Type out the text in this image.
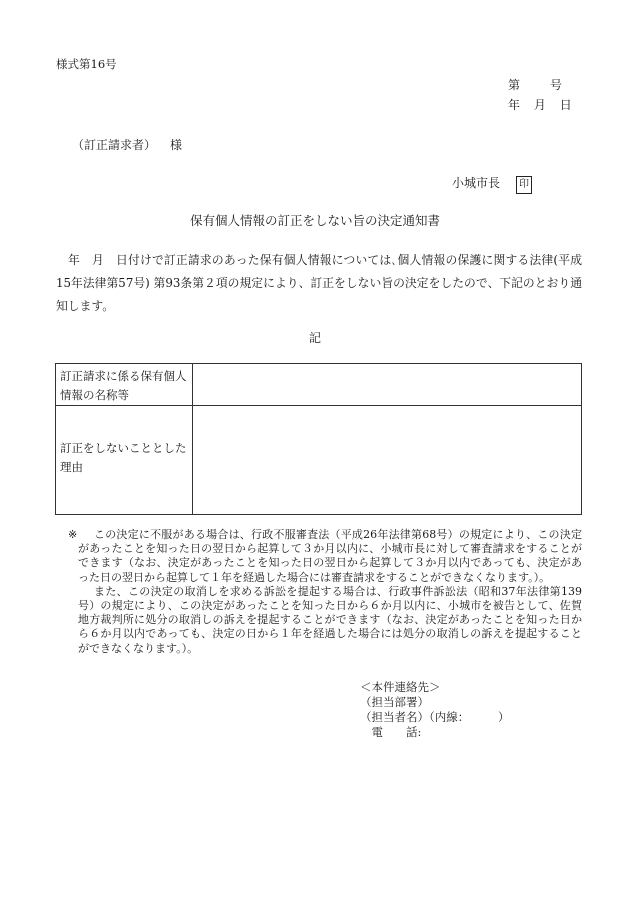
様式第16号
第	号
年 月 日
（訂正請求者） 様
小城市長 印
保有個人情報の訂正をしない旨の決定通知書
年　月　日付けで訂正請求のあった保有個人情報については､個人情報の保護に関する法律(平成15年法律第57号) 第93条第２項の規定により、訂正をしない旨の決定をしたので、下記のとおり通知します。
記
訂正請求に係る保有個人情報の名称等	
訂正をしないこととした理由	
※	この決定に不服がある場合は、行政不服審査法（平成26年法律第68号）の規定により、この決定があったことを知った日の翌日から起算して３か月以内に、小城市長に対して審査請求をすることができます（なお、決定があったことを知った日の翌日から起算して３か月以内であっても、決定があった日の翌日から起算して１年を経過した場合には審査請求をすることができなくなります。）。
また、この決定の取消しを求める訴訟を提起する場合は、行政事件訴訟法（昭和37年法律第139号）の規定により、この決定があったことを知った日から６か月以内に、小城市を被告として、佐賀地方裁判所に処分の取消しの訴えを提起することができます（なお、決定があったことを知った日から６か月以内であっても、決定の日から１年を経過した場合には処分の取消しの訴えを提起することができなくなります。）。
＜本件連絡先＞
（担当部署）
（担当者名）（内線：　　　）
　電　　話:
